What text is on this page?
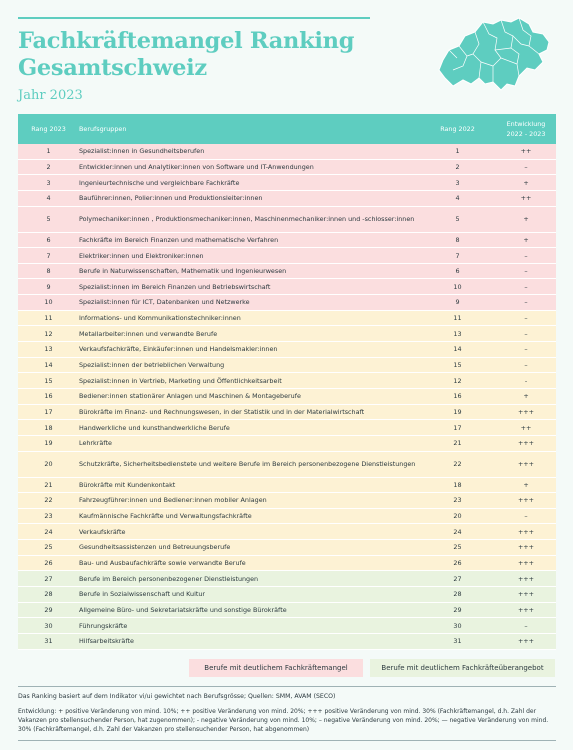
Fachkräftemangel Ranking
Gesamtschweiz
Jahr 2023
Rang 2023	Berufsgruppen	Rang 2022
Entwicklung
2022 - 2023
1	Spezialist:innen in Gesundheitsberufen	1	++
2	Entwickler:innen und Analytiker:innen von Software und IT-Anwendungen	2	–
3	Ingenieurtechnische und vergleichbare Fachkräfte	3	+
4	Bauführer:innen, Polier:innen und Produktionsleiter:innen	4	++
5	Polymechaniker:innen , Produktionsmechaniker:innen, Maschinenmechaniker:innen und -schlosser:innen	5	+
6	Fachkräfte im Bereich Finanzen und mathematische Verfahren	8	+
7	Elektriker:innen und Elektroniker:innen	7	–
8	Berufe in Naturwissenschaften, Mathematik und Ingenieurwesen	6	–
9	Spezialist:innen im Bereich Finanzen und Betriebswirtschaft	10	–
10	Spezialist:innen für ICT, Datenbanken und Netzwerke	9	–
11	Informations- und Kommunikationstechniker:innen	11	–
12	Metallarbeiter:innen und verwandte Berufe	13	–
13	Verkaufsfachkräfte, Einkäufer:innen und Handelsmakler:innen	14	–
14	Spezialist:innen der betrieblichen Verwaltung	15	–
15	Spezialist:innen in Vertrieb, Marketing und Öffentlichkeitsarbeit	12	-
16	Bediener:innen stationärer Anlagen und Maschinen & Montageberufe	16	+
17	Bürokräfte im Finanz- und Rechnungswesen, in der Statistik und in der Materialwirtschaft	19	+++
18	Handwerkliche und kunsthandwerkliche Berufe	17	++
19	Lehrkräfte	21	+++
20	Schutzkräfte, Sicherheitsbedienstete und weitere Berufe im Bereich personenbezogene Dienstleistungen	22	+++
21	Bürokräfte mit Kundenkontakt	18	+
22	Fahrzeugführer:innen und Bediener:innen mobiler Anlagen	23	+++
23	Kaufmännische Fachkräfte und Verwaltungsfachkräfte	20	–
24	Verkaufskräfte	24	+++
25	Gesundheitsassistenzen und Betreuungsberufe	25	+++
26	Bau- und Ausbaufachkräfte sowie verwandte Berufe	26	+++
27	Berufe im Bereich personenbezogener Dienstleistungen	27	+++
28	Berufe in Sozialwissenschaft und Kultur	28	+++
29	Allgemeine Büro- und Sekretariatskräfte und sonstige Bürokräfte	29	+++
30	Führungskräfte	30	–
31	Hilfsarbeitskräfte	31	+++
Berufe mit deutlichem Fachkräftemangel	Berufe mit deutlichem Fachkräfteüberangebot
Das Ranking basiert auf dem Indikator vi/ui gewichtet nach Berufsgrösse; Quellen: SMM, AVAM (SECO)
Entwicklung: + positive Veränderung von mind. 10%; ++ positive Veränderung von mind. 20%; +++ positive Veränderung von mind. 30% (Fachkräftemangel, d.h. Zahl der Vakanzen pro stellensuchender Person, hat zugenommen); - negative Veränderung von mind. 10%; – negative Veränderung von mind. 20%; — negative Veränderung von mind. 30% (Fachkräftemangel, d.h. Zahl der Vakanzen pro stellensuchender Person, hat abgenommen)
